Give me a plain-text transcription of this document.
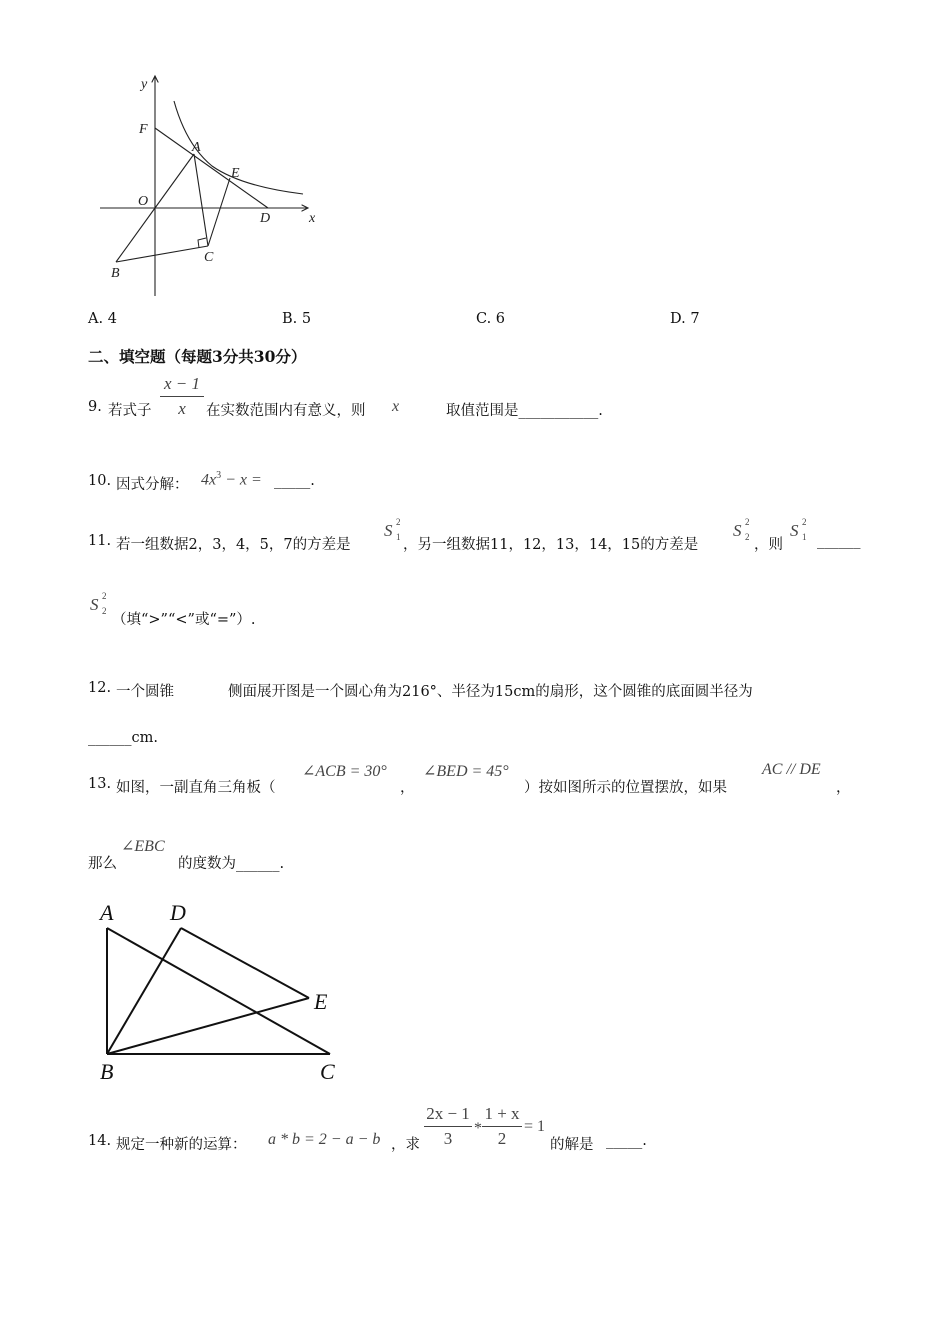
y
x
F
A
E
O
D
B
C
A. 4	B. 5	C. 6	D. 7
二、填空题（每题3分共30分）
9. 若式子
x − 1
x	在实数范围内有意义，则 x	取值范围是___________.
10. 因式分解： $4x^3 - x$ = _____.
11. 若一组数据2，3，4，5，7的方差是
S 2
1 ，另一组数据11，12，13，14，15的方差是
S 2
2 ，则
S 2
1 ______
S 2
2
（填“>”“<”或“=”）.
12. 一个圆锥	侧面展开图是一个圆心角为216°、半径为15cm的扇形，这个圆锥的底面圆半径为
______cm.
13. 如图，一副直角三角板（
∠ACB = 30°
，
∠BED = 45°
）按如图所示的位置摆放，如果
AC // DE
，
那么
∠EBC
的度数为______.
A	D
E
B	C
14. 规定一种新的运算： a * b = 2 − a − b ，求
2x − 1
3
*
1 + x
2
= 1
的解是 _____.
